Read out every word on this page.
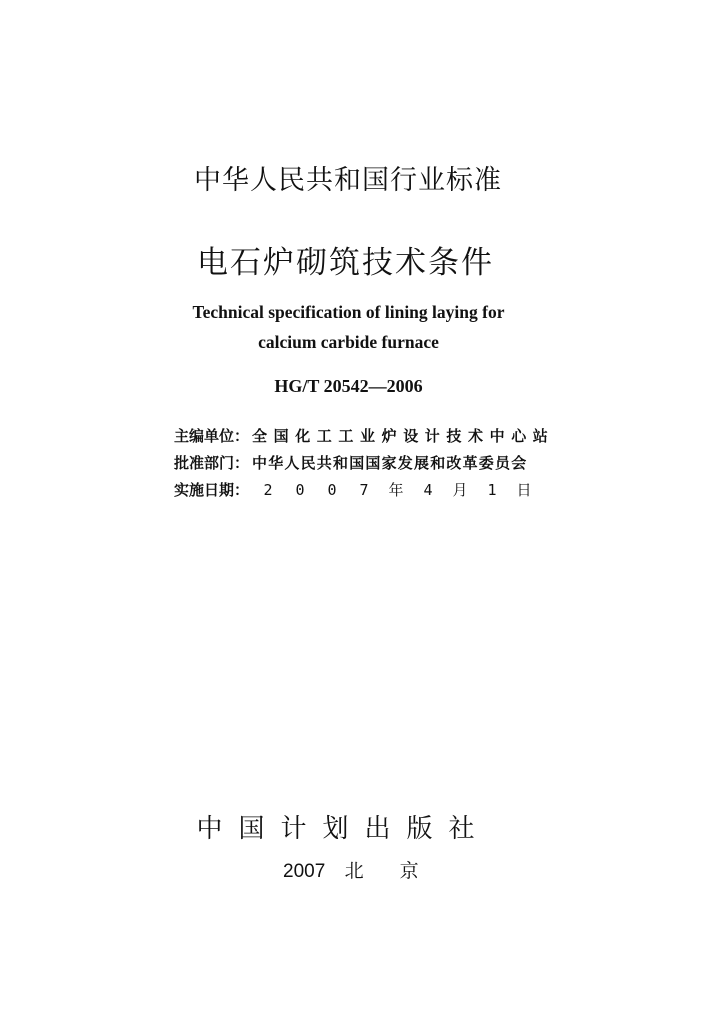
中华人民共和国行业标准
电石炉砌筑技术条件
Technical specification of lining laying for
calcium carbide furnace
HG/T 20542—2006
主编单位： 全国化工工业炉设计技术中心站
批准部门： 中华人民共和国国家发展和改革委员会
实施日期： 2	0	0	7	年	4	月	1	日
中国计划出版社
2007 北京
